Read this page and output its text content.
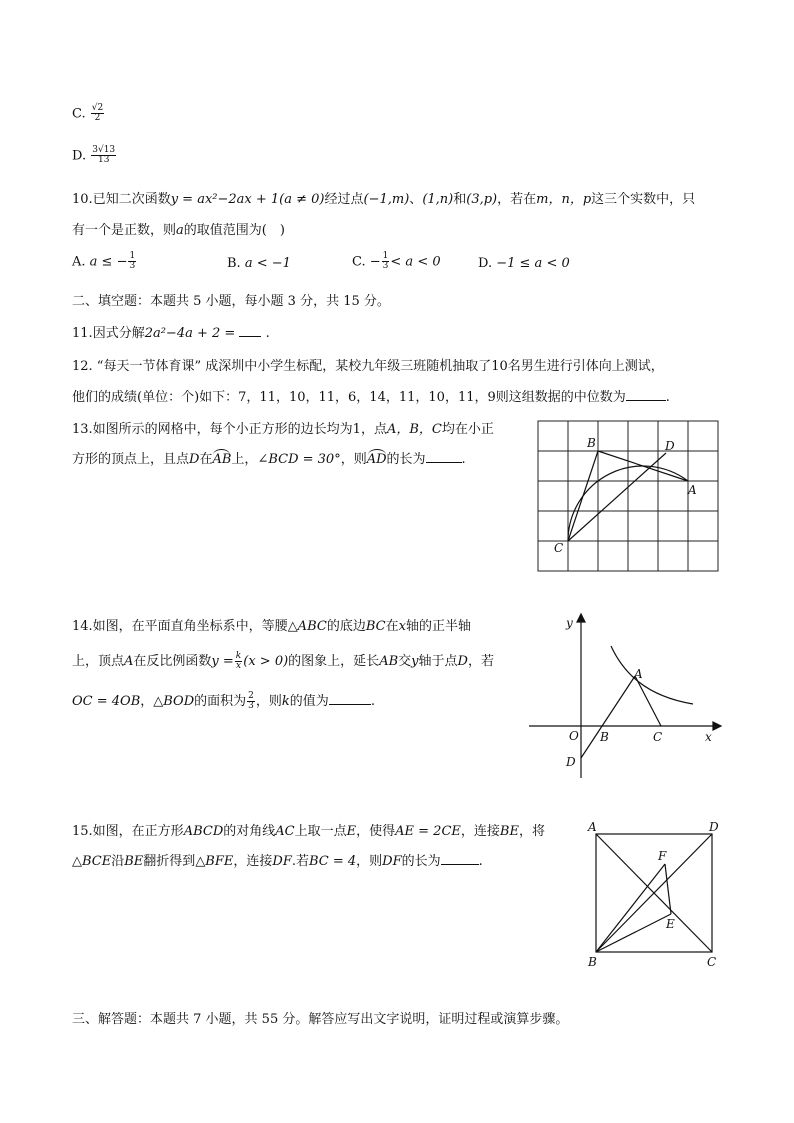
C. $\frac{√2}{2}$
D. $\frac{3√13}{13}$
10.已知二次函数y = ax²−2ax + 1(a ≠ 0)经过点(−1,m)、(1,n)和(3,p)，若在m，n，p这三个实数中，只
有一个是正数，则a的取值范围为(　)
A. a ≤ − $\frac{1}{3}$	B. a < −1	C. − $\frac{1}{3} < a < 0$	D. −1 ≤ a < 0
二、填空题：本题共 5 小题，每小题 3 分，共 15 分。
11.因式分解2a²−4a + 2 = .
12. “每天一节体育课” 成深圳中小学生标配，某校九年级三班随机抽取了10名男生进行引体向上测试，
他们的成绩(单位：个)如下：7，11，10，11，6，14，11，10，11，9则这组数据的中位数为	.
13.如图所示的网格中，每个小正方形的边长均为1，点A，B，C均在小正
方形的顶点上，且点D在AB上，∠BCD = 30°，则AD的长为	.
B	D
A
C
14.如图，在平面直角坐标系中，等腰△ABC的底边BC在x轴的正半轴
上，顶点A在反比例函数$y = \frac{k}{x} (x > 0)$的图象上，延长AB交y轴于点D，若
OC = 4OB，△BOD的面积为 $\frac{2}{3}$ ，则k的值为	.
y
x
O
A
B	C
D
15.如图，在正方形ABCD的对角线AC上取一点E，使得AE = 2CE，连接BE，将
△BCE沿BE翻折得到△BFE，连接DF.若BC = 4，则DF的长为	.
A	D
F
E
B	C
三、解答题：本题共 7 小题，共 55 分。解答应写出文字说明，证明过程或演算步骤。
